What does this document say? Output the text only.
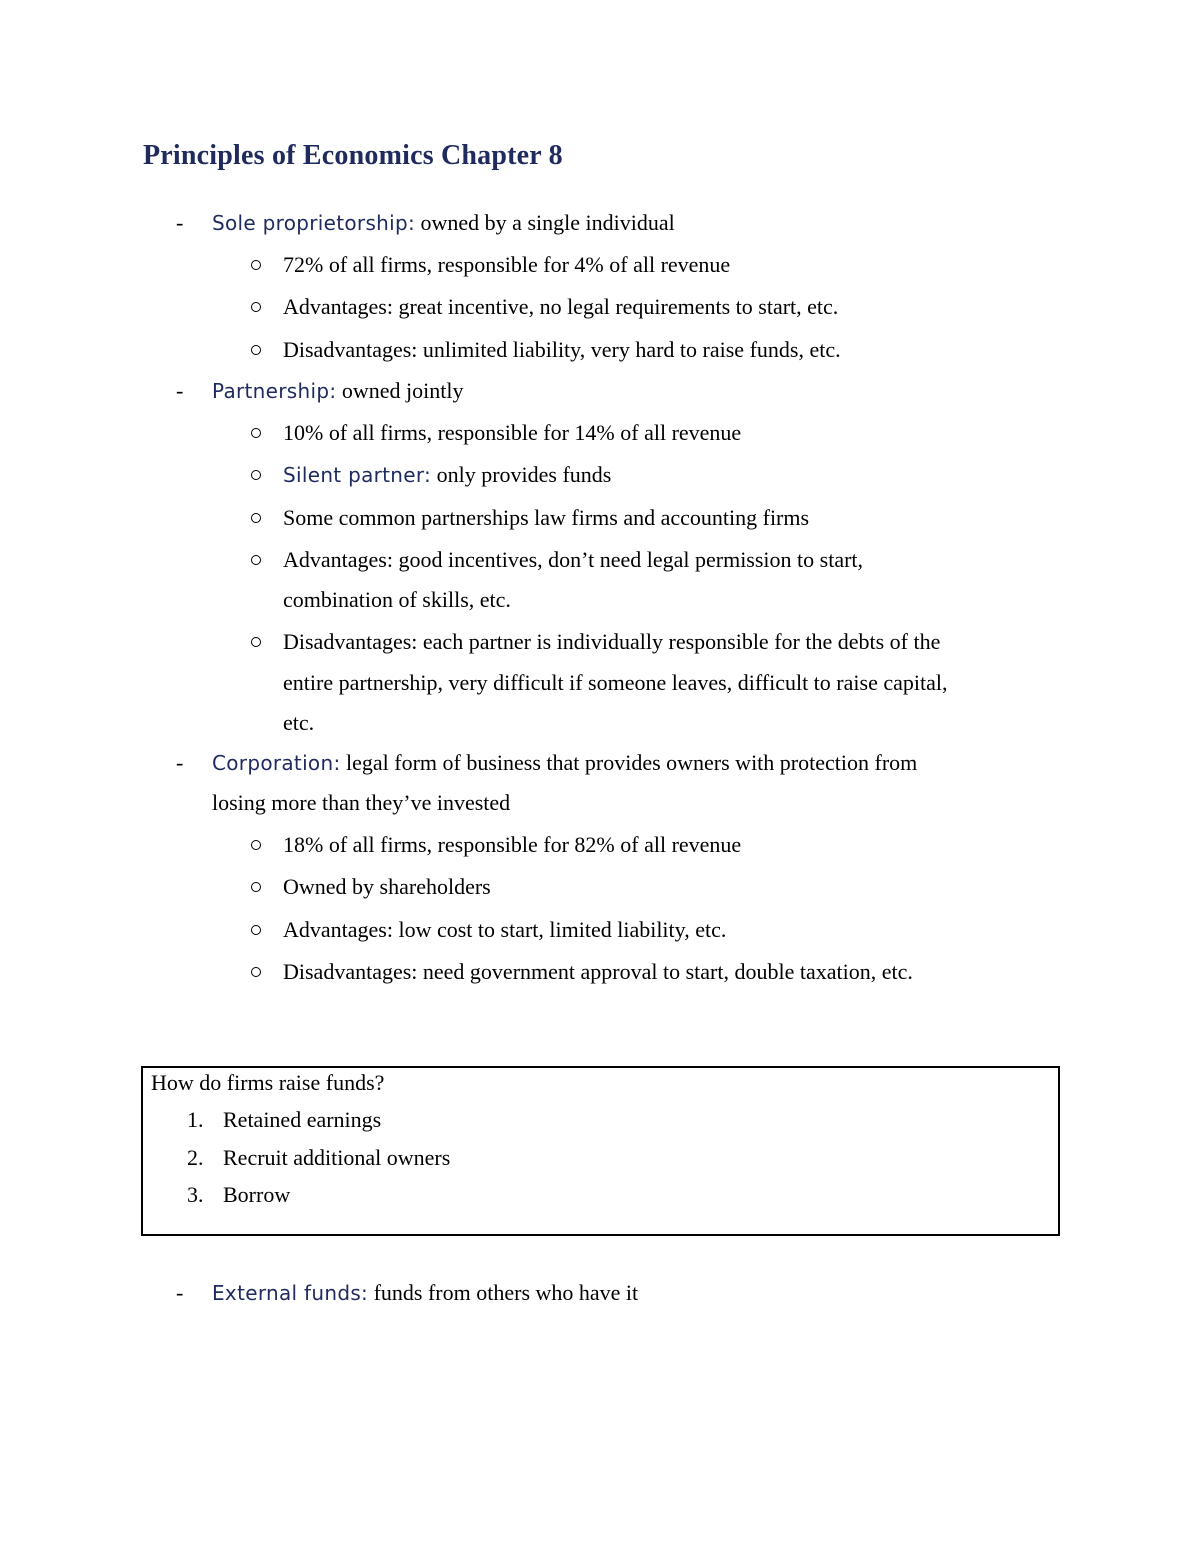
Principles of Economics Chapter 8
- Sole proprietorship: owned by a single individual
72% of all firms, responsible for 4% of all revenue
Advantages: great incentive, no legal requirements to start, etc.
Disadvantages: unlimited liability, very hard to raise funds, etc.
- Partnership: owned jointly
10% of all firms, responsible for 14% of all revenue
Silent partner: only provides funds
Some common partnerships law firms and accounting firms
Advantages: good incentives, don’t need legal permission to start,
combination of skills, etc.
Disadvantages: each partner is individually responsible for the debts of the
entire partnership, very difficult if someone leaves, difficult to raise capital,
etc.
- Corporation: legal form of business that provides owners with protection from
losing more than they’ve invested
18% of all firms, responsible for 82% of all revenue
Owned by shareholders
Advantages: low cost to start, limited liability, etc.
Disadvantages: need government approval to start, double taxation, etc.
How do firms raise funds?
1. Retained earnings
2. Recruit additional owners
3. Borrow
- External funds: funds from others who have it
